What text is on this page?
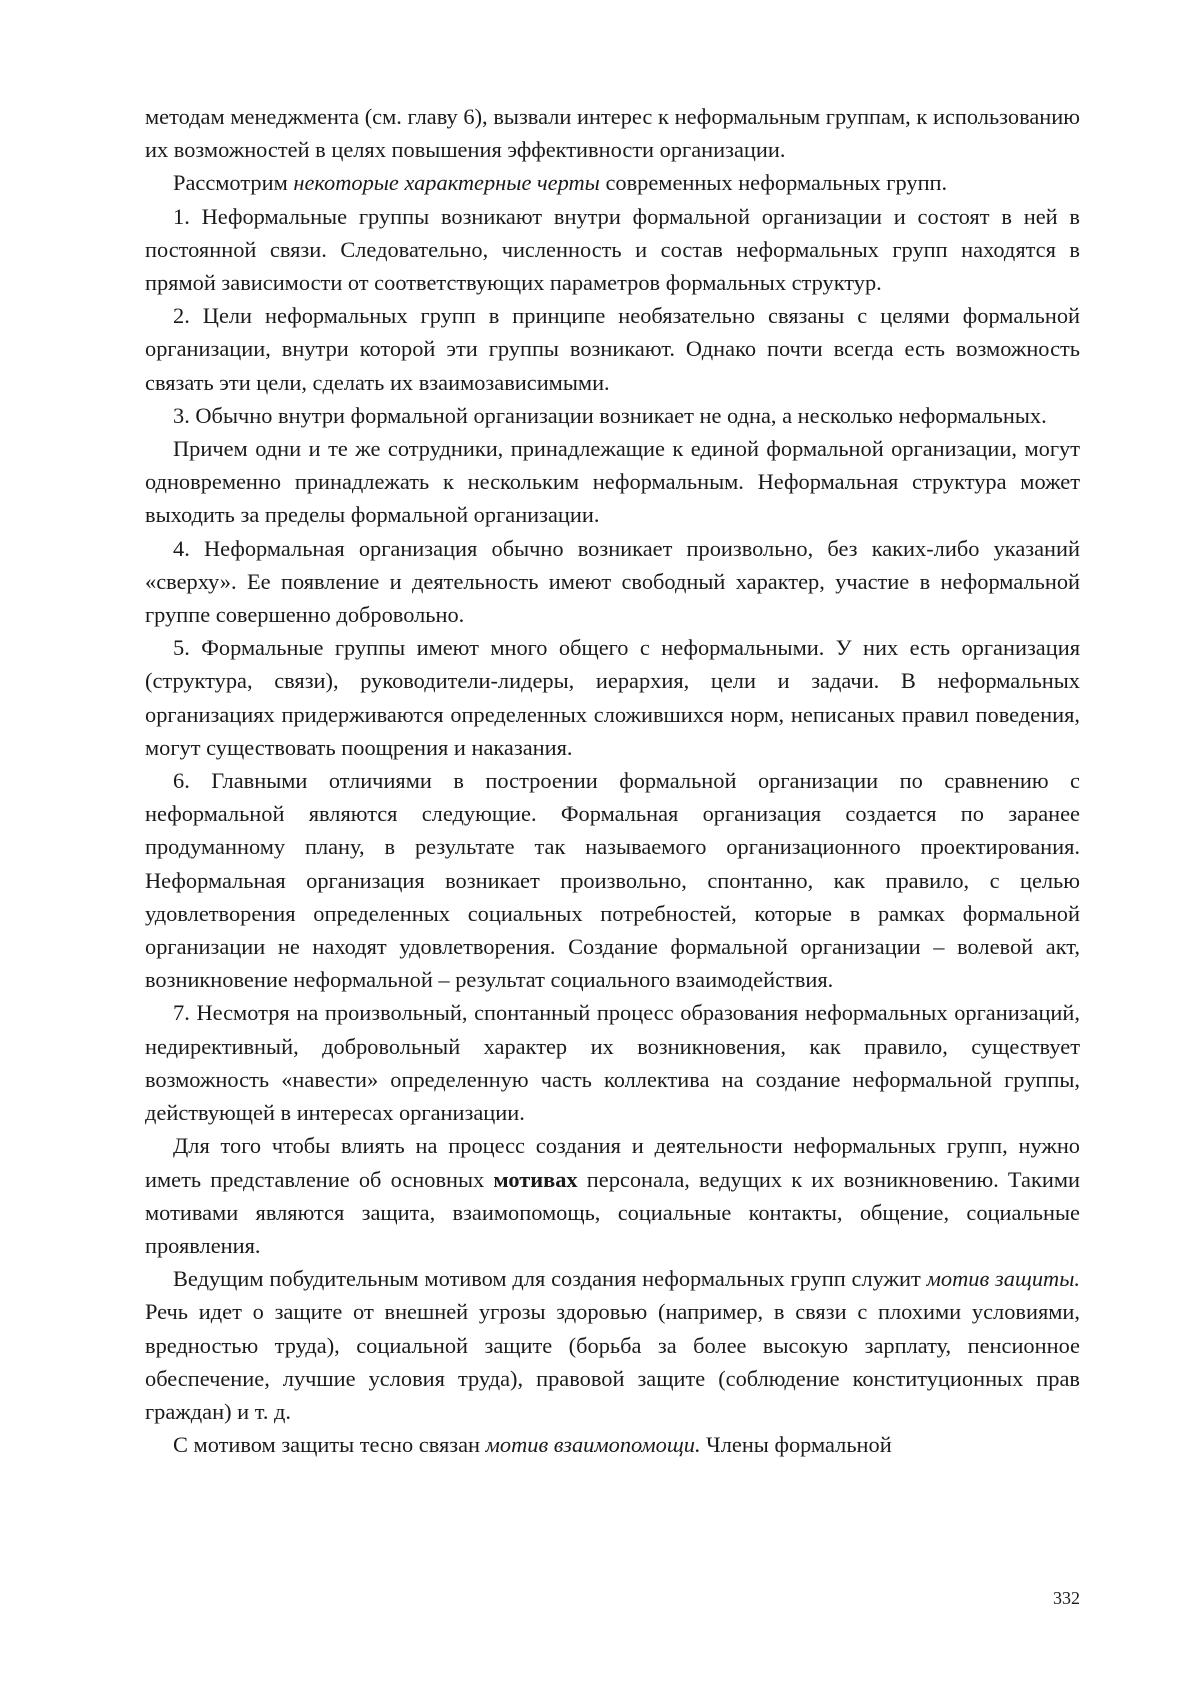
методам менеджмента (см. главу 6), вызвали интерес к неформальным группам, к использованию их возможностей в целях повышения эффективности организации.

Рассмотрим некоторые характерные черты современных неформальных групп.

1. Неформальные группы возникают внутри формальной организации и состоят в ней в постоянной связи. Следовательно, численность и состав неформальных групп находятся в прямой зависимости от соответствующих параметров формальных структур.

2. Цели неформальных групп в принципе необязательно связаны с целями формальной организации, внутри которой эти группы возникают. Однако почти всегда есть возможность связать эти цели, сделать их взаимозависимыми.

3. Обычно внутри формальной организации возникает не одна, а несколько неформальных.

Причем одни и те же сотрудники, принадлежащие к единой формальной организации, могут одновременно принадлежать к нескольким неформальным. Неформальная структура может выходить за пределы формальной организации.

4. Неформальная организация обычно возникает произвольно, без каких-либо указаний «сверху». Ее появление и деятельность имеют свободный характер, участие в неформальной группе совершенно добровольно.

5. Формальные группы имеют много общего с неформальными. У них есть организация (структура, связи), руководители-лидеры, иерархия, цели и задачи. В неформальных организациях придерживаются определенных сложившихся норм, неписаных правил поведения, могут существовать поощрения и наказания.

6. Главными отличиями в построении формальной организации по сравнению с неформальной являются следующие. Формальная организация создается по заранее продуманному плану, в результате так называемого организационного проектирования. Неформальная организация возникает произвольно, спонтанно, как правило, с целью удовлетворения определенных социальных потребностей, которые в рамках формальной организации не находят удовлетворения. Создание формальной организации – волевой акт, возникновение неформальной – результат социального взаимодействия.

7. Несмотря на произвольный, спонтанный процесс образования неформальных организаций, недирективный, добровольный характер их возникновения, как правило, существует возможность «навести» определенную часть коллектива на создание неформальной группы, действующей в интересах организации.

Для того чтобы влиять на процесс создания и деятельности неформальных групп, нужно иметь представление об основных мотивах персонала, ведущих к их возникновению. Такими мотивами являются защита, взаимопомощь, социальные контакты, общение, социальные проявления.

Ведущим побудительным мотивом для создания неформальных групп служит мотив защиты. Речь идет о защите от внешней угрозы здоровью (например, в связи с плохими условиями, вредностью труда), социальной защите (борьба за более высокую зарплату, пенсионное обеспечение, лучшие условия труда), правовой защите (соблюдение конституционных прав граждан) и т. д.

С мотивом защиты тесно связан мотив взаимопомощи. Члены формальной

332
